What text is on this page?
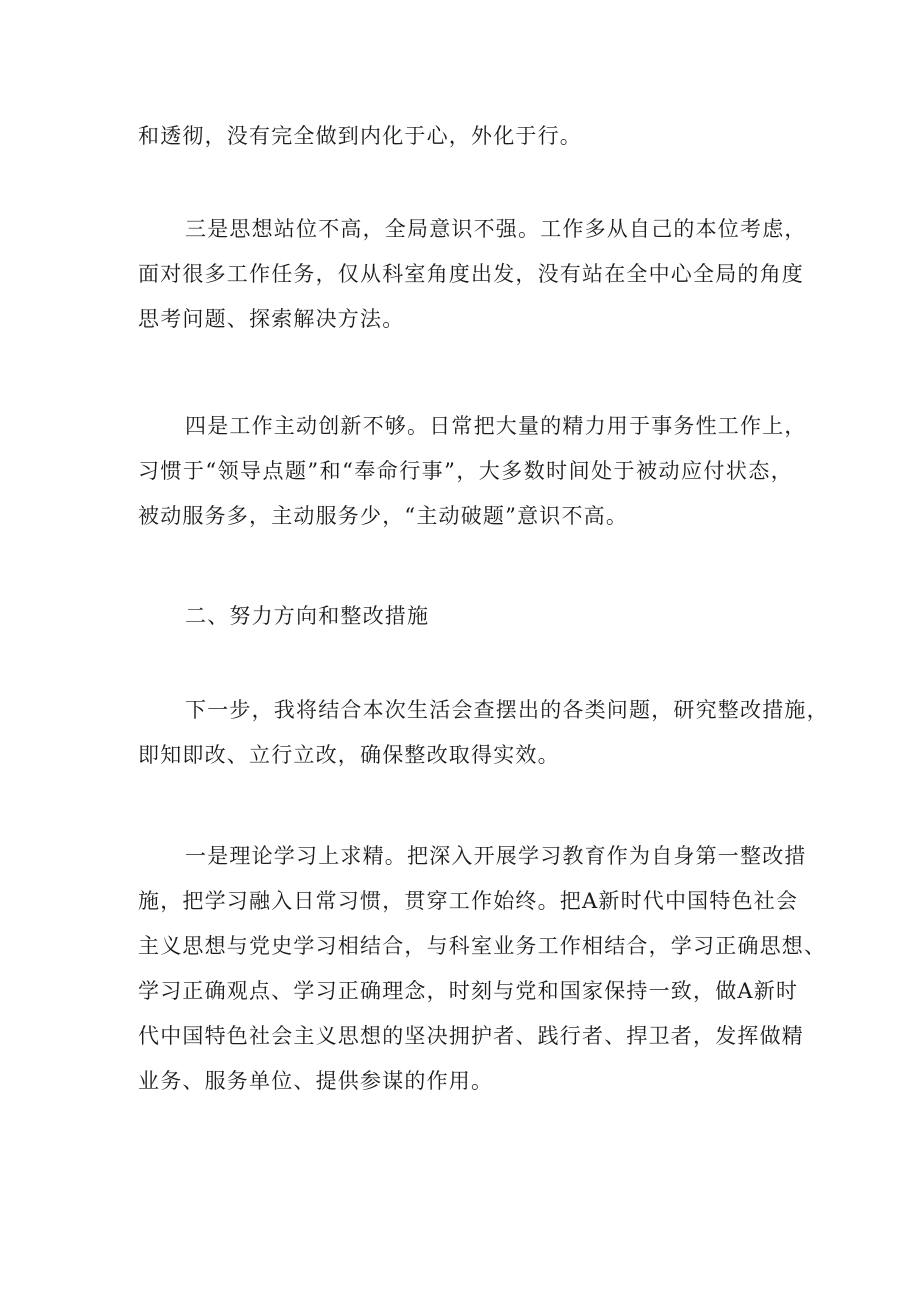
和透彻，没有完全做到内化于心，外化于行。
三是思想站位不高，全局意识不强。工作多从自己的本位考虑，
面对很多工作任务，仅从科室角度出发，没有站在全中心全局的角度
思考问题、探索解决方法。
四是工作主动创新不够。日常把大量的精力用于事务性工作上，
习惯于“领导点题”和“奉命行事”，大多数时间处于被动应付状态，
被动服务多，主动服务少，“主动破题”意识不高。
二、努力方向和整改措施
下一步，我将结合本次生活会查摆出的各类问题，研究整改措施，
即知即改、立行立改，确保整改取得实效。
一是理论学习上求精。把深入开展学习教育作为自身第一整改措
施，把学习融入日常习惯，贯穿工作始终。把A新时代中国特色社会
主义思想与党史学习相结合，与科室业务工作相结合，学习正确思想、
学习正确观点、学习正确理念，时刻与党和国家保持一致，做A新时
代中国特色社会主义思想的坚决拥护者、践行者、捍卫者，发挥做精
业务、服务单位、提供参谋的作用。
